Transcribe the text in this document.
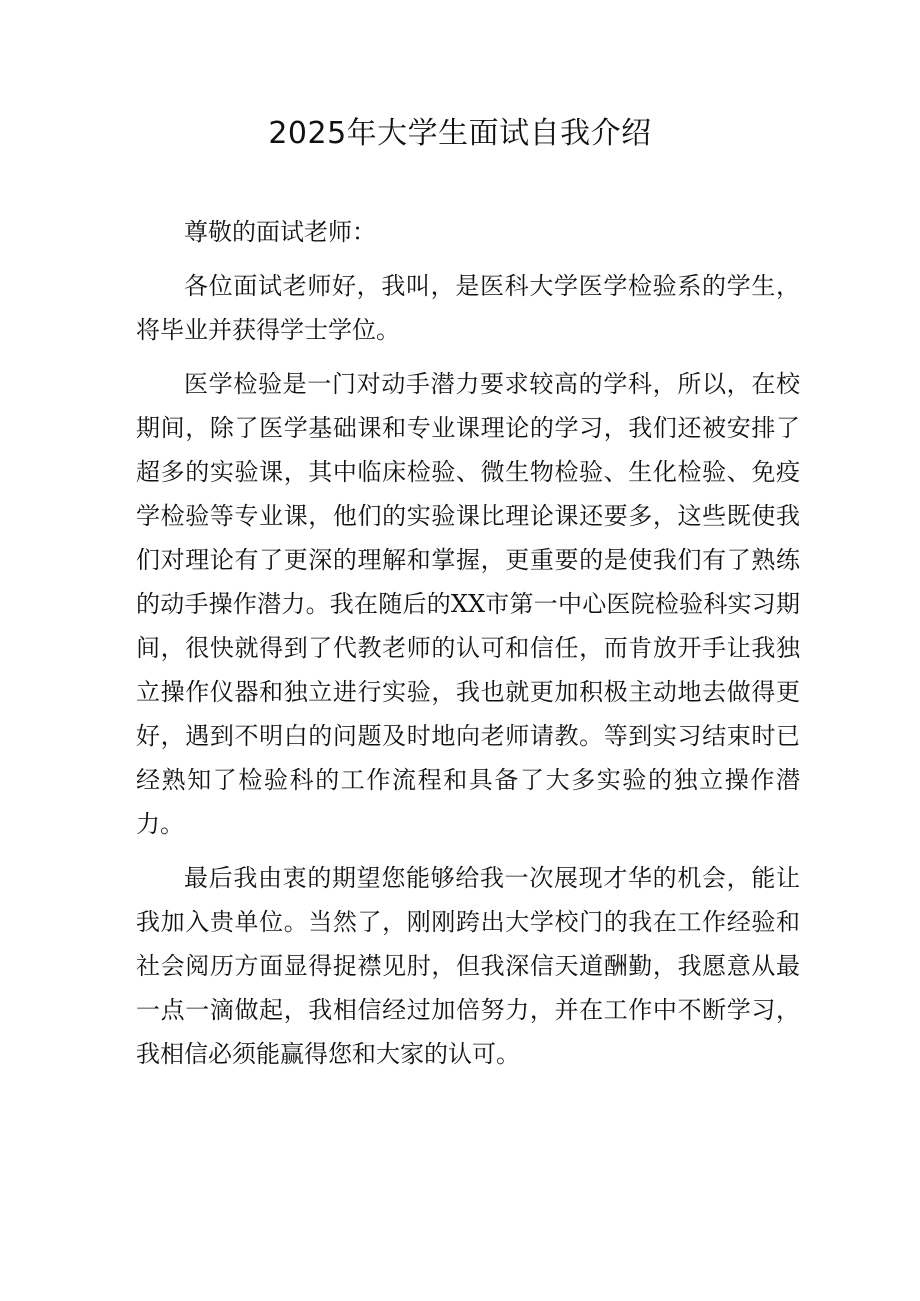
2025年大学生面试自我介绍

尊敬的面试老师：

各位面试老师好，我叫，是医科大学医学检验系的学生，将毕业并获得学士学位。

医学检验是一门对动手潜力要求较高的学科，所以，在校期间，除了医学基础课和专业课理论的学习，我们还被安排了超多的实验课，其中临床检验、微生物检验、生化检验、免疫学检验等专业课，他们的实验课比理论课还要多，这些既使我们对理论有了更深的理解和掌握，更重要的是使我们有了熟练的动手操作潜力。我在随后的XX市第一中心医院检验科实习期间，很快就得到了代教老师的认可和信任，而肯放开手让我独立操作仪器和独立进行实验，我也就更加积极主动地去做得更好，遇到不明白的问题及时地向老师请教。等到实习结束时已经熟知了检验科的工作流程和具备了大多实验的独立操作潜力。

最后我由衷的期望您能够给我一次展现才华的机会，能让我加入贵单位。当然了，刚刚跨出大学校门的我在工作经验和社会阅历方面显得捉襟见肘，但我深信天道酬勤，我愿意从最一点一滴做起，我相信经过加倍努力，并在工作中不断学习，我相信必须能赢得您和大家的认可。
